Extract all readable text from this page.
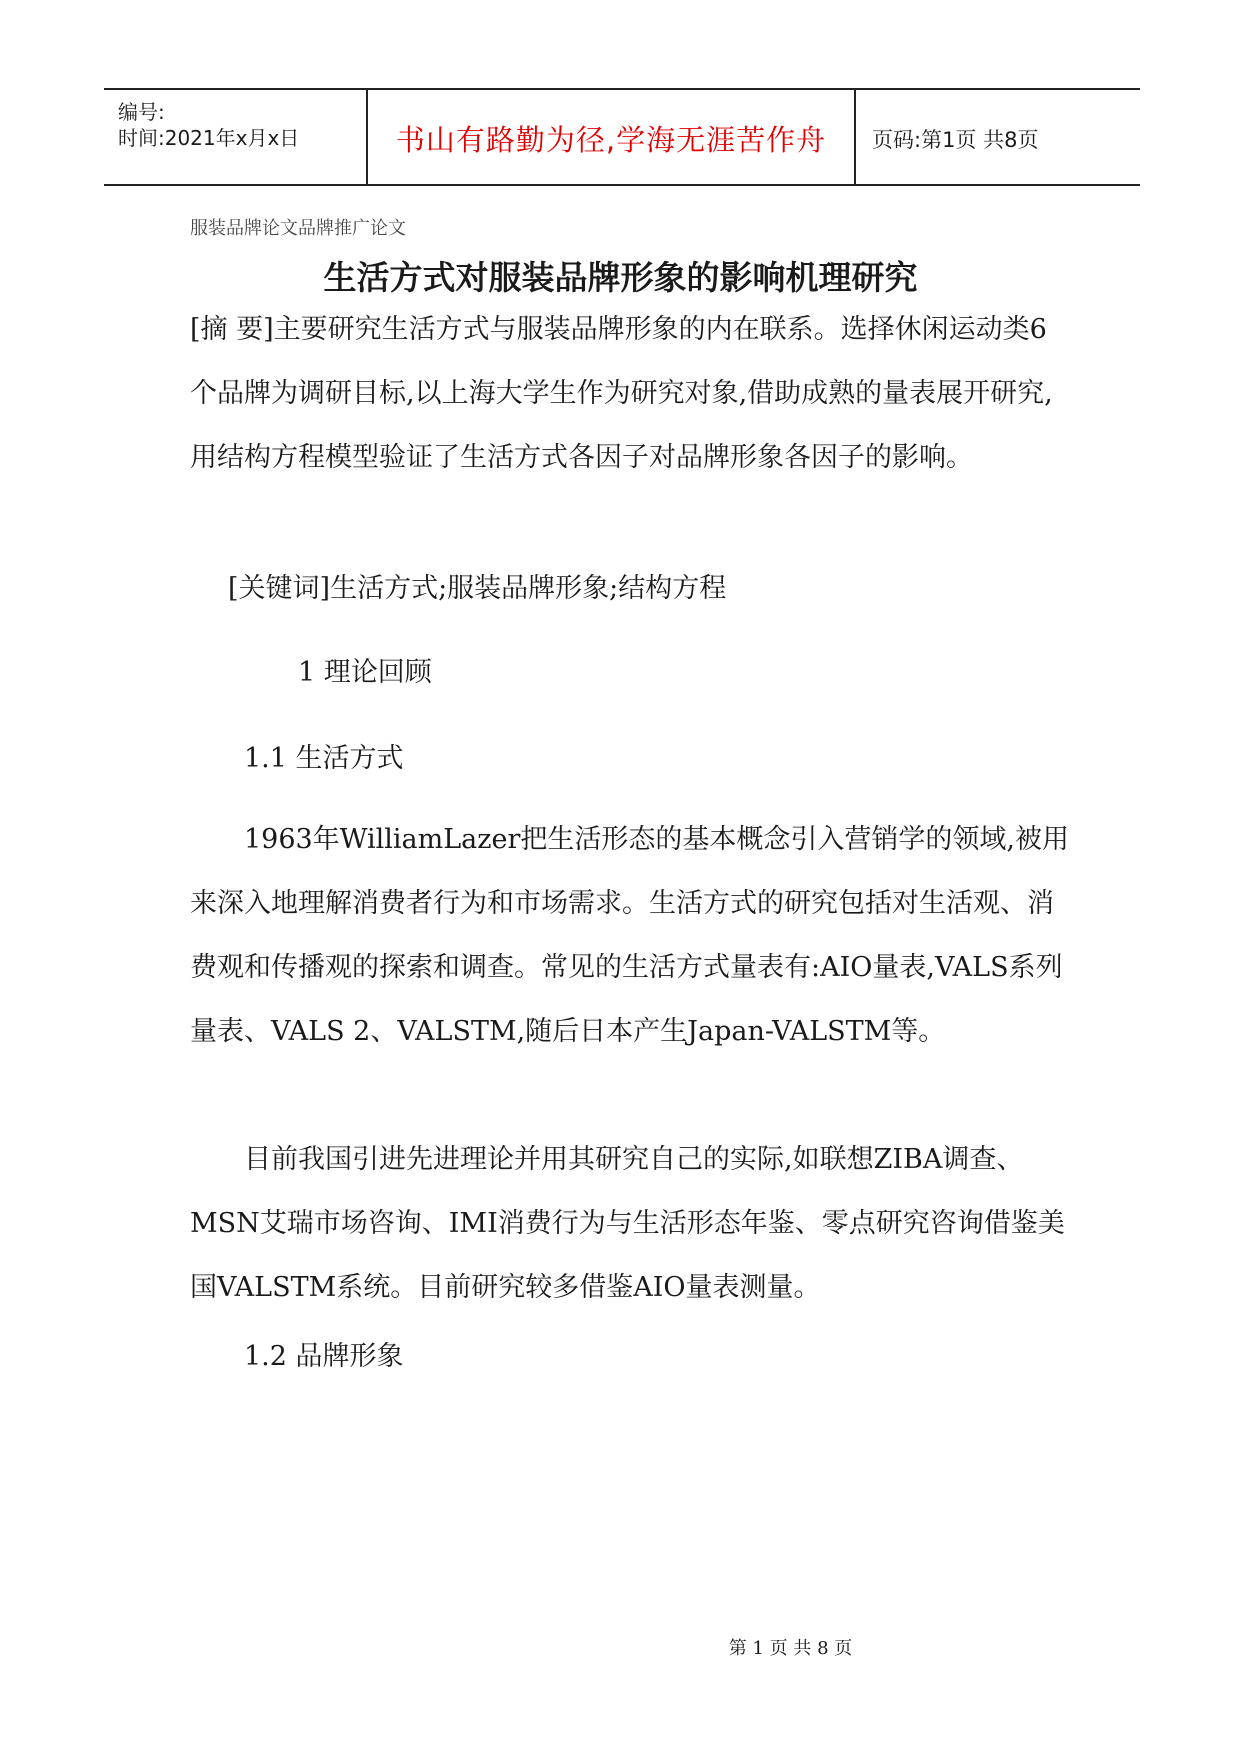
编号:
时间:2021年x月x日	书山有路勤为径,学海无涯苦作舟	页码:第1页 共8页
服装品牌论文品牌推广论文
生活方式对服装品牌形象的影响机理研究

[摘 要]主要研究生活方式与服装品牌形象的内在联系。选择休闲运动类6个品牌为调研目标,以上海大学生作为研究对象,借助成熟的量表展开研究,用结构方程模型验证了生活方式各因子对品牌形象各因子的影响。

[关键词]生活方式;服装品牌形象;结构方程
1 理论回顾
1.1 生活方式

1963年WilliamLazer把生活形态的基本概念引入营销学的领域,被用来深入地理解消费者行为和市场需求。生活方式的研究包括对生活观、消费观和传播观的探索和调查。常见的生活方式量表有:AIO量表,VALS系列量表、VALS 2、VALSTM,随后日本产生Japan-VALSTM等。

目前我国引进先进理论并用其研究自己的实际,如联想ZIBA调查、MSN艾瑞市场咨询、IMI消费行为与生活形态年鉴、零点研究咨询借鉴美国VALSTM系统。目前研究较多借鉴AIO量表测量。

1.2 品牌形象
第 1 页 共 8 页
